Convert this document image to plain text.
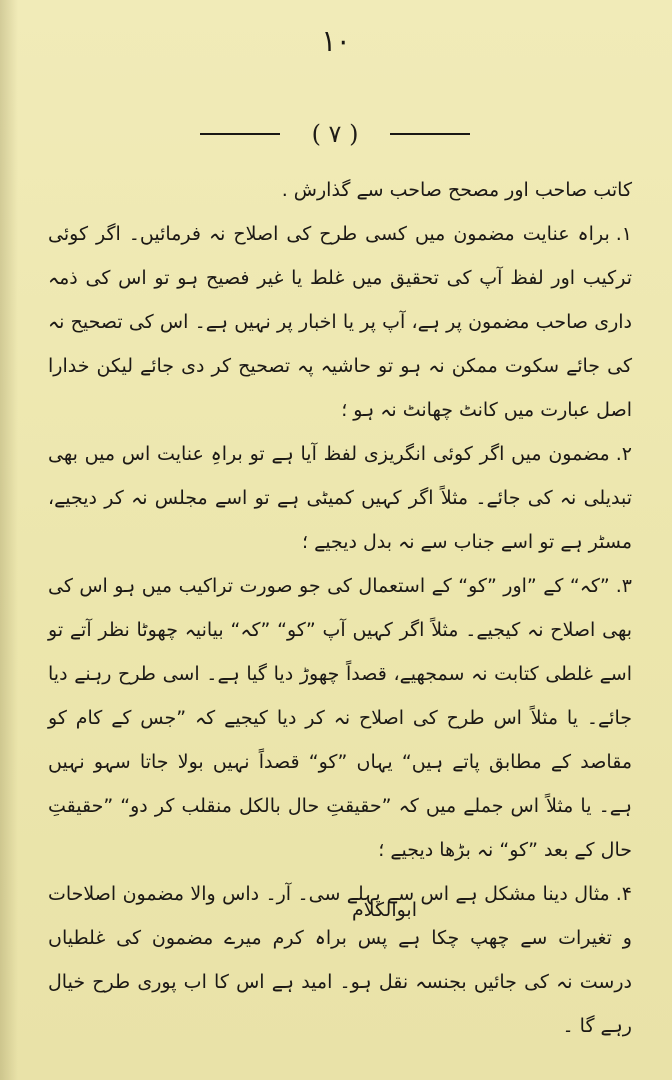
۱۰
( ۷ )

کاتب صاحب اور مصحح صاحب سے گذارش .

۱.براہ عنایت مضمون میں کسی طرح کی اصلاح نہ فرمائیں۔ اگر کوئی ترکیب اور لفظ آپ کی تحقیق میں غلط یا غیر فصیح ہو تو اس کی ذمہ داری صاحب مضمون پر ہے، آپ پر یا اخبار پر نہیں ہے۔ اس کی تصحیح نہ کی جائے سکوت ممکن نہ ہو تو حاشیہ پہ تصحیح کر دی جائے لیکن خدارا اصل عبارت میں کانٹ چھانٹ نہ ہو ؛

۲.مضمون میں اگر کوئی انگریزی لفظ آیا ہے تو براہِ عنایت اس میں بھی تبدیلی نہ کی جائے۔ مثلاً اگر کہیں کمیٹی ہے تو اسے مجلس نہ کر دیجیے، مسٹر ہے تو اسے جناب سے نہ بدل دیجیے ؛

۳.”کہ“ کے ”اور ”کو“ کے استعمال کی جو صورت تراکیب میں ہو اس کی بھی اصلاح نہ کیجیے۔ مثلاً اگر کہیں آپ ”کو“ ”کہ“ بیانیہ چھوٹا نظر آتے تو اسے غلطی کتابت نہ سمجھیے، قصداً چھوڑ دیا گیا ہے۔ اسی طرح رہنے دیا جائے۔ یا مثلاً اس طرح کی اصلاح نہ کر دیا کیجیے کہ ”جس کے کام کو مقاصد کے مطابق پاتے ہیں“ یہاں ”کو“ قصداً نہیں بولا جاتا سہو نہیں ہے۔ یا مثلاً اس جملے میں کہ ”حقیقتِ حال بالکل منقلب کر دو“ ”حقیقتِ حال کے بعد ”کو“ نہ بڑھا دیجیے ؛

۴.مثال دینا مشکل ہے اس سے پہلے سی۔ آر۔ داس والا مضمون اصلاحات و تغیرات سے چھپ چکا ہے پس براہ کرم میرے مضمون کی غلطیاں درست نہ کی جائیں بجنسہ نقل ہو۔ امید ہے اس کا اب پوری طرح خیال رہے گا ۔

ابوالکلام
